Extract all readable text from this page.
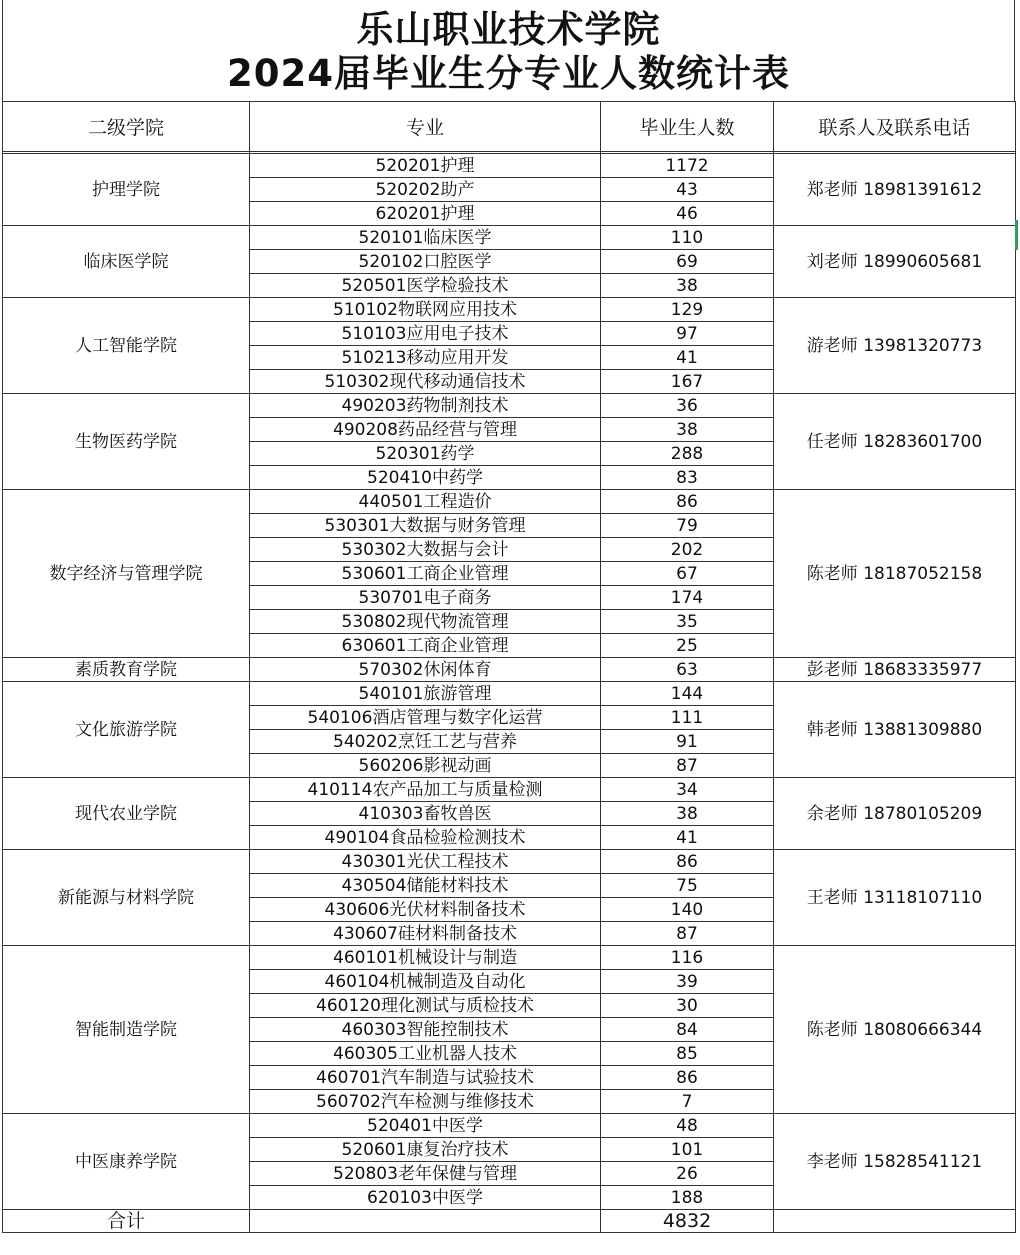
乐山职业技术学院
2024届毕业生分专业人数统计表
二级学院	专业	毕业生人数	联系人及联系电话

护理学院	520201护理	1172	郑老师 18981391612
	520202助产	43	
	620201护理	46	
临床医学院	520101临床医学	110	刘老师 18990605681
	520102口腔医学	69	
	520501医学检验技术	38	
人工智能学院	510102物联网应用技术	129	游老师 13981320773
	510103应用电子技术	97	
	510213移动应用开发	41	
	510302现代移动通信技术	167	
生物医药学院	490203药物制剂技术	36	任老师 18283601700
	490208药品经营与管理	38	
	520301药学	288	
	520410中药学	83	
数字经济与管理学院	440501工程造价	86	陈老师 18187052158
	530301大数据与财务管理	79	
	530302大数据与会计	202	
	530601工商企业管理	67	
	530701电子商务	174	
	530802现代物流管理	35	
	630601工商企业管理	25	
素质教育学院	570302休闲体育	63	彭老师 18683335977
文化旅游学院	540101旅游管理	144	韩老师 13881309880
	540106酒店管理与数字化运营	111	
	540202烹饪工艺与营养	91	
	560206影视动画	87	
现代农业学院	410114农产品加工与质量检测	34	余老师 18780105209
	410303畜牧兽医	38	
	490104食品检验检测技术	41	
新能源与材料学院	430301光伏工程技术	86	王老师 13118107110
	430504储能材料技术	75	
	430606光伏材料制备技术	140	
	430607硅材料制备技术	87	
智能制造学院	460101机械设计与制造	116	陈老师 18080666344
	460104机械制造及自动化	39	
	460120理化测试与质检技术	30	
	460303智能控制技术	84	
	460305工业机器人技术	85	
	460701汽车制造与试验技术	86	
	560702汽车检测与维修技术	7	
中医康养学院	520401中医学	48	李老师 15828541121
	520601康复治疗技术	101	
	520803老年保健与管理	26	
	620103中医学	188	
合计		4832	
